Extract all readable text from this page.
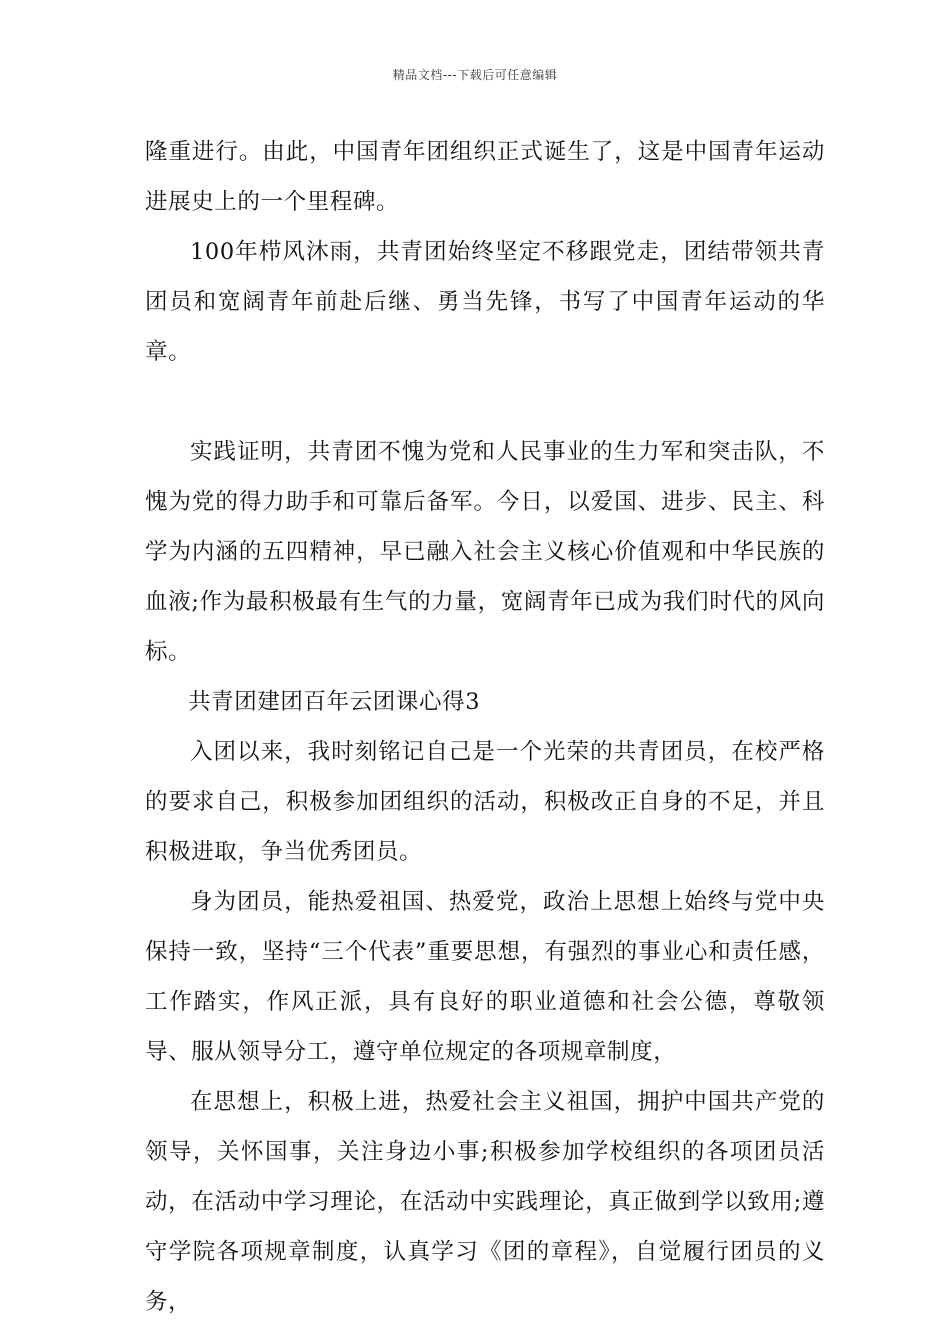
精品文档---下载后可任意编辑

隆重进行。由此，中国青年团组织正式诞生了，这是中国青年运动进展史上的一个里程碑。

100年栉风沐雨，共青团始终坚定不移跟党走，团结带领共青团员和宽阔青年前赴后继、勇当先锋，书写了中国青年运动的华章。

实践证明，共青团不愧为党和人民事业的生力军和突击队，不愧为党的得力助手和可靠后备军。今日，以爱国、进步、民主、科学为内涵的五四精神，早已融入社会主义核心价值观和中华民族的血液;作为最积极最有生气的力量，宽阔青年已成为我们时代的风向标。

共青团建团百年云团课心得3

入团以来，我时刻铭记自己是一个光荣的共青团员，在校严格的要求自己，积极参加团组织的活动，积极改正自身的不足，并且积极进取，争当优秀团员。

身为团员，能热爱祖国、热爱党，政治上思想上始终与党中央保持一致，坚持“三个代表”重要思想，有强烈的事业心和责任感，工作踏实，作风正派，具有良好的职业道德和社会公德，尊敬领导、服从领导分工，遵守单位规定的各项规章制度，

在思想上，积极上进，热爱社会主义祖国，拥护中国共产党的领导，关怀国事，关注身边小事;积极参加学校组织的各项团员活动，在活动中学习理论，在活动中实践理论，真正做到学以致用;遵守学院各项规章制度，认真学习《团的章程》，自觉履行团员的义务，
